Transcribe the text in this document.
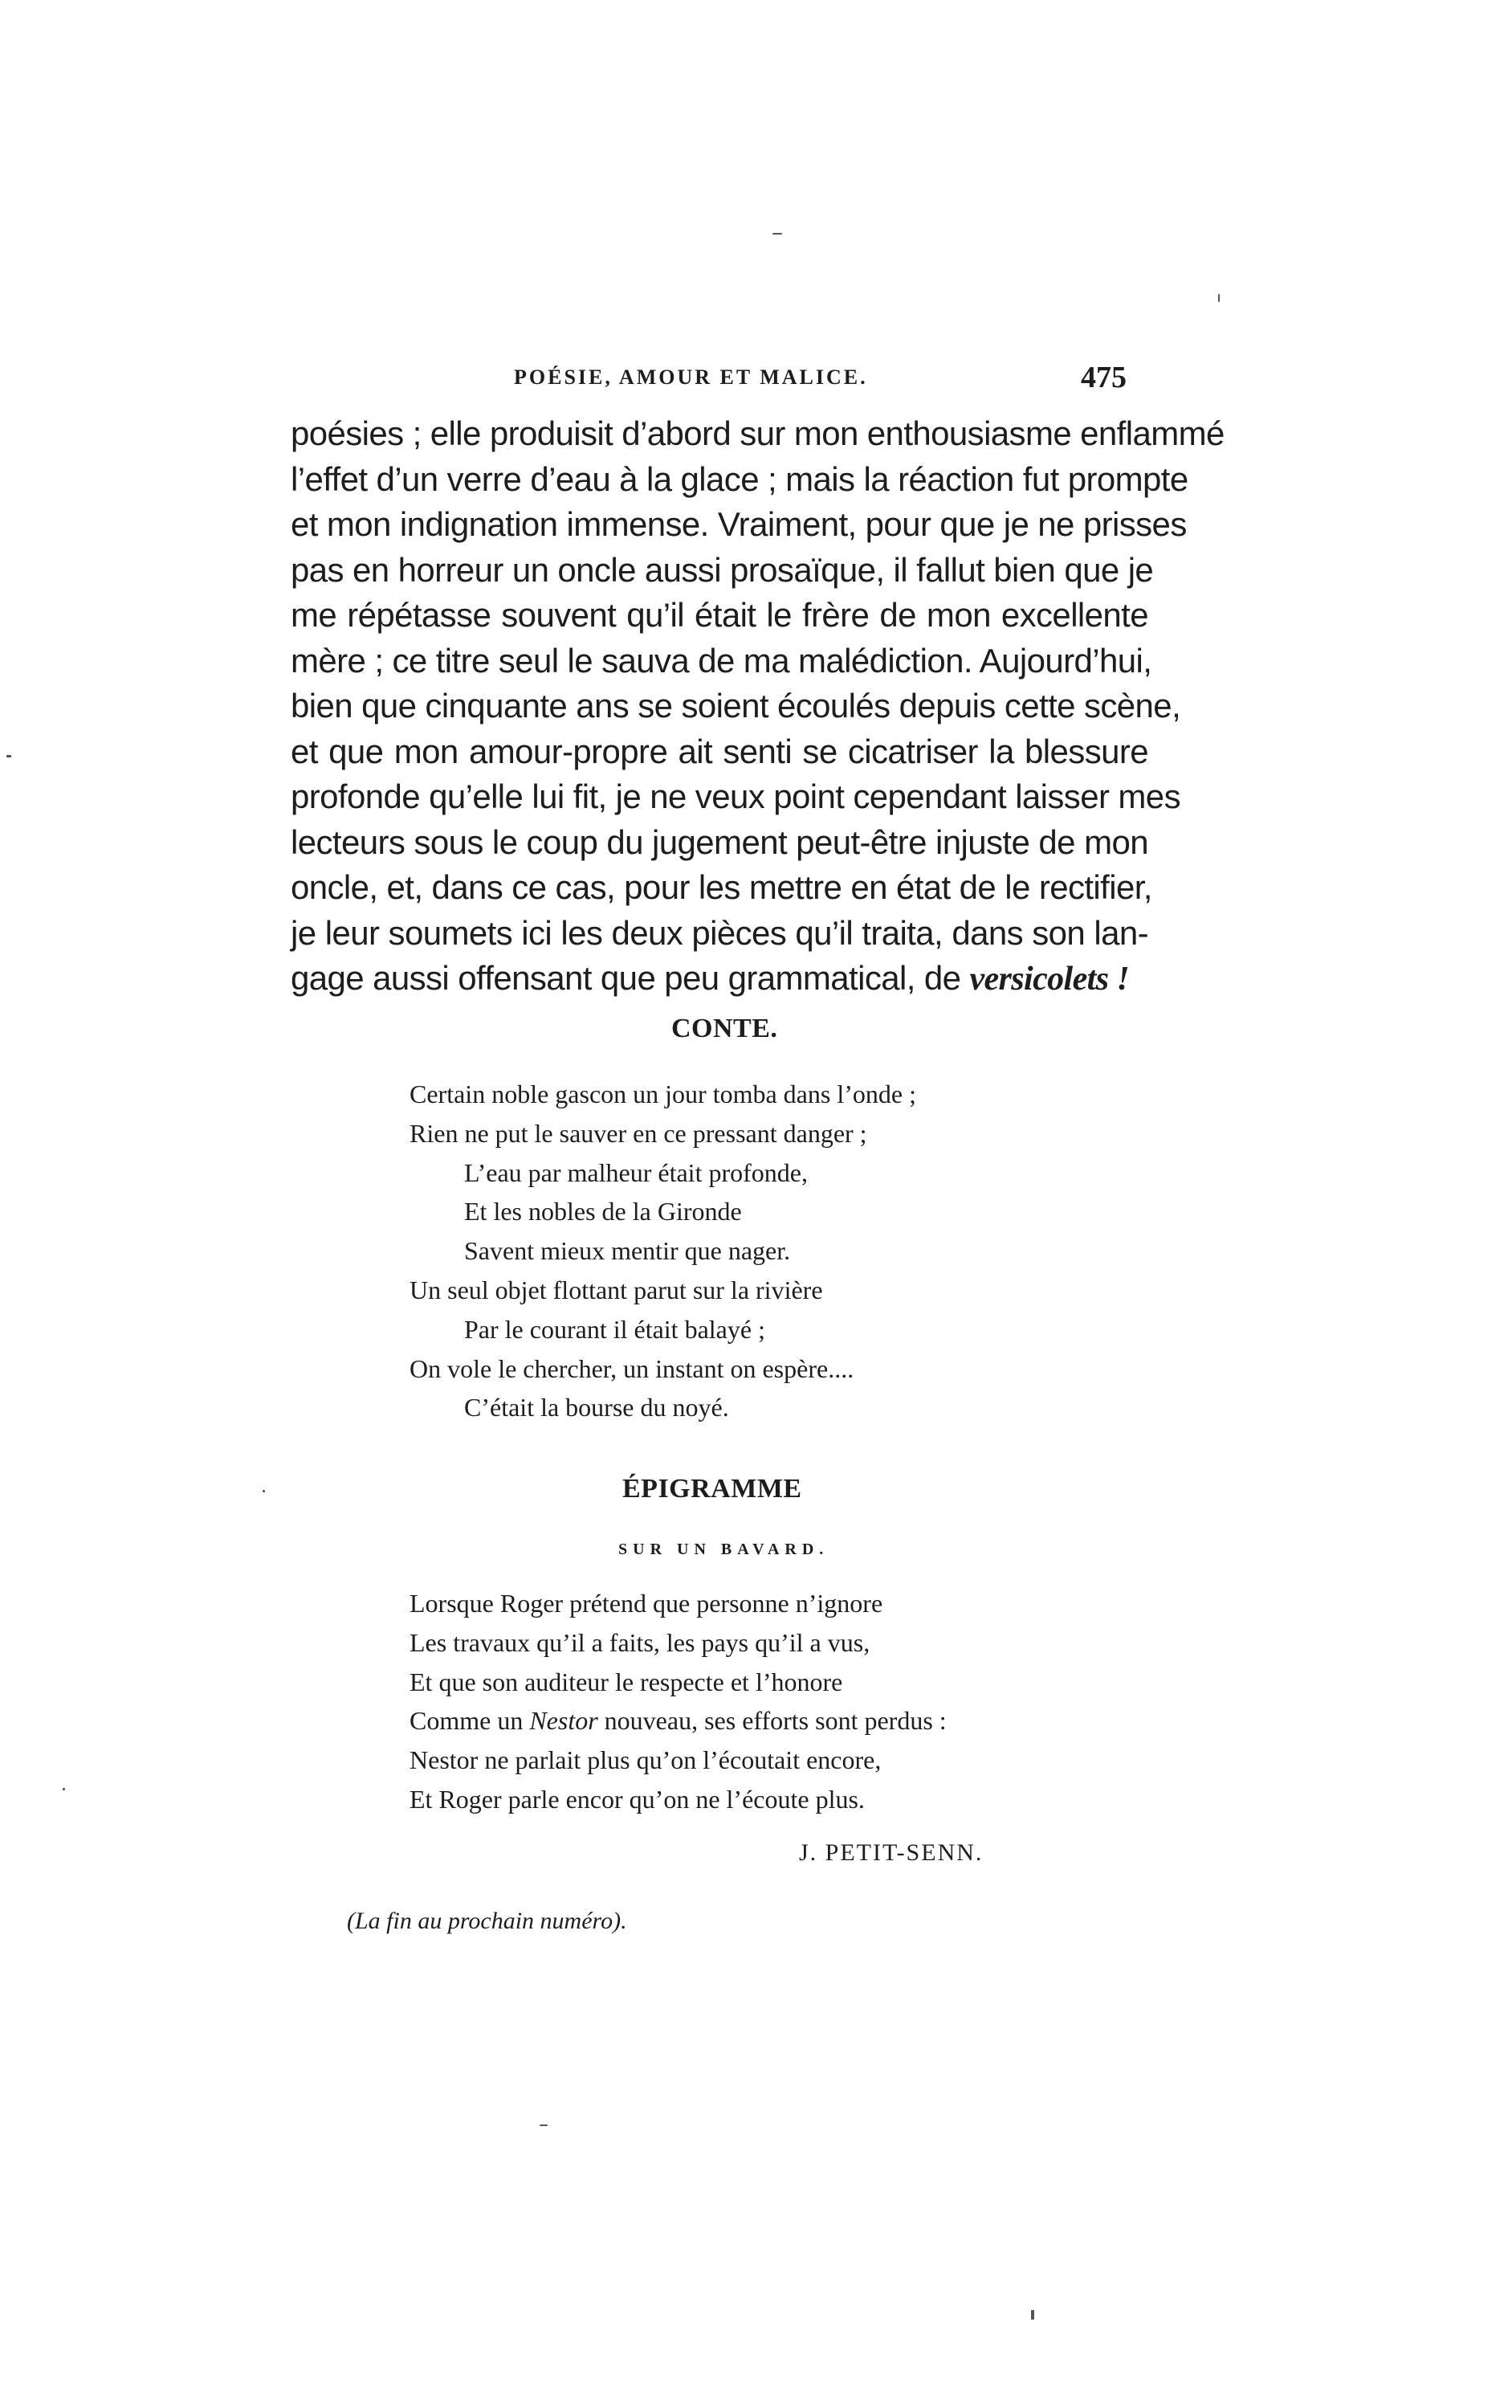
POÉSIE, AMOUR ET MALICE.	475
poésies ; elle produisit d’abord sur mon enthousiasme enflammé
l’effet d’un verre d’eau à la glace ; mais la réaction fut prompte
et mon indignation immense. Vraiment, pour que je ne prisses
pas en horreur un oncle aussi prosaïque, il fallut bien que je
me répétasse souvent qu’il était le frère de mon excellente
mère ; ce titre seul le sauva de ma malédiction. Aujourd’hui,
bien que cinquante ans se soient écoulés depuis cette scène,
et que mon amour-propre ait senti se cicatriser la blessure
profonde qu’elle lui fit, je ne veux point cependant laisser mes
lecteurs sous le coup du jugement peut-être injuste de mon
oncle, et, dans ce cas, pour les mettre en état de le rectifier,
je leur soumets ici les deux pièces qu’il traita, dans son lan-
gage aussi offensant que peu grammatical, de versicolets !
CONTE.
Certain noble gascon un jour tomba dans l’onde ;
Rien ne put le sauver en ce pressant danger ;
L’eau par malheur était profonde,
Et les nobles de la Gironde
Savent mieux mentir que nager.
Un seul objet flottant parut sur la rivière
Par le courant il était balayé ;
On vole le chercher, un instant on espère....
C’était la bourse du noyé.
ÉPIGRAMME
SUR UN BAVARD.
Lorsque Roger prétend que personne n’ignore
Les travaux qu’il a faits, les pays qu’il a vus,
Et que son auditeur le respecte et l’honore
Comme un Nestor nouveau, ses efforts sont perdus :
Nestor ne parlait plus qu’on l’écoutait encore,
Et Roger parle encor qu’on ne l’écoute plus.
J. PETIT-SENN.
(La fin au prochain numéro).
